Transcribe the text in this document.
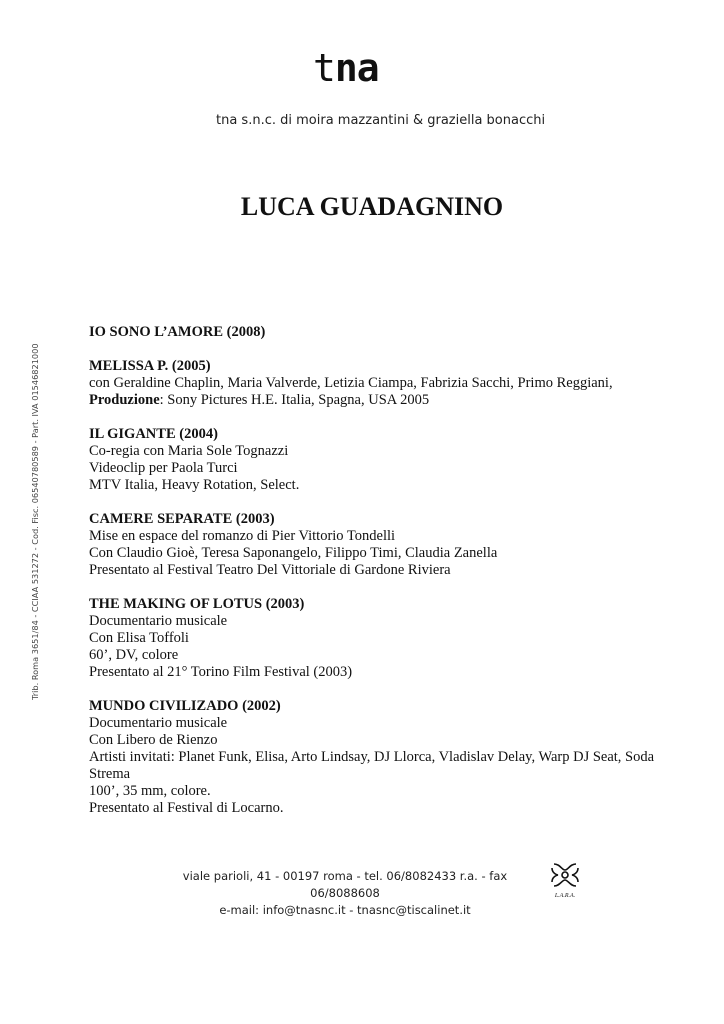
tna
tna s.n.c. di moira mazzantini & graziella bonacchi
LUCA GUADAGNINO
Trib. Roma 3651/84 - CCIAA 531272 - Cod. Fisc. 06540780589 - Part. IVA 01546821000
IO SONO L’AMORE (2008)
MELISSA P. (2005)
con Geraldine Chaplin, Maria Valverde, Letizia Ciampa, Fabrizia Sacchi, Primo Reggiani,
Produzione: Sony Pictures H.E. Italia, Spagna, USA 2005
IL GIGANTE (2004)
Co-regia con Maria Sole Tognazzi
Videoclip per Paola Turci
MTV Italia, Heavy Rotation, Select.
CAMERE SEPARATE (2003)
Mise en espace del romanzo di Pier Vittorio Tondelli
Con Claudio Gioè, Teresa Saponangelo, Filippo Timi, Claudia Zanella
Presentato al Festival Teatro Del Vittoriale di Gardone Riviera
THE MAKING OF LOTUS (2003)
Documentario musicale
Con Elisa Toffoli
60’, DV, colore
Presentato al 21° Torino Film Festival (2003)
MUNDO CIVILIZADO (2002)
Documentario musicale
Con Libero de Rienzo
Artisti invitati: Planet Funk, Elisa, Arto Lindsay, DJ Llorca, Vladislav Delay, Warp DJ Seat, Soda
Strema
100’, 35 mm, colore.
Presentato al Festival di Locarno.
viale parioli, 41 - 00197 roma - tel. 06/8082433 r.a. - fax 06/8088608
e-mail: info@tnasnc.it - tnasnc@tiscalinet.it
L.A.R.A.
